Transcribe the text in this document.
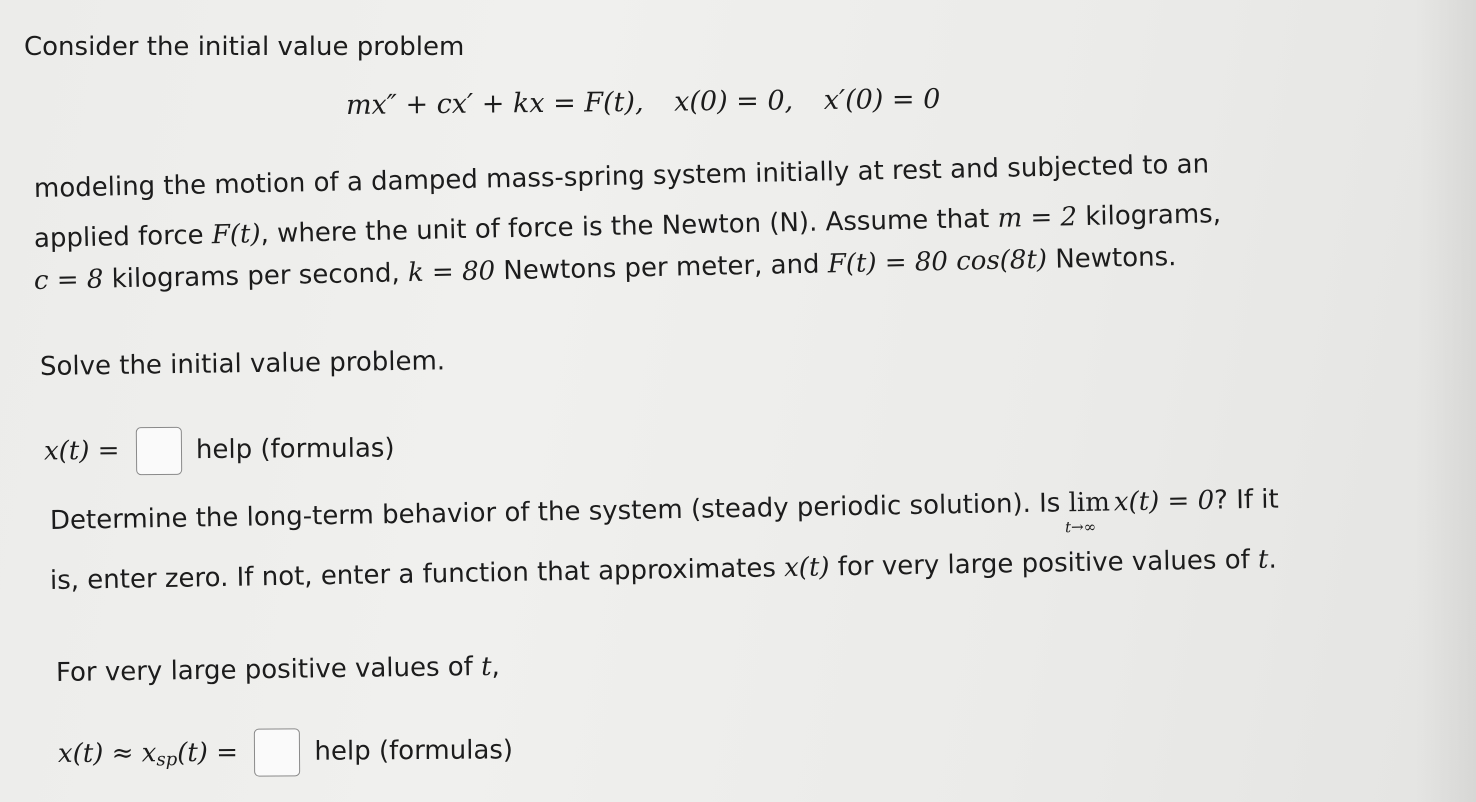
Consider the initial value problem
mx″ + cx′ + kx = F(t), x(0) = 0, x′(0) = 0
modeling the motion of a damped mass-spring system initially at rest and subjected to an
applied force F(t), where the unit of force is the Newton (N). Assume that m = 2 kilograms,
c = 8 kilograms per second, k = 80 Newtons per meter, and F(t) = 80 cos(8t) Newtons.
Solve the initial value problem.
x(t) =	help (formulas)
Determine the long-term behavior of the system (steady periodic solution). Is lim
t→∞
x(t) = 0? If it
is, enter zero. If not, enter a function that approximates x(t) for very large positive values of t.
For very large positive values of t,
$x(t) \approx x_{sp}(t)$ =	help (formulas)
